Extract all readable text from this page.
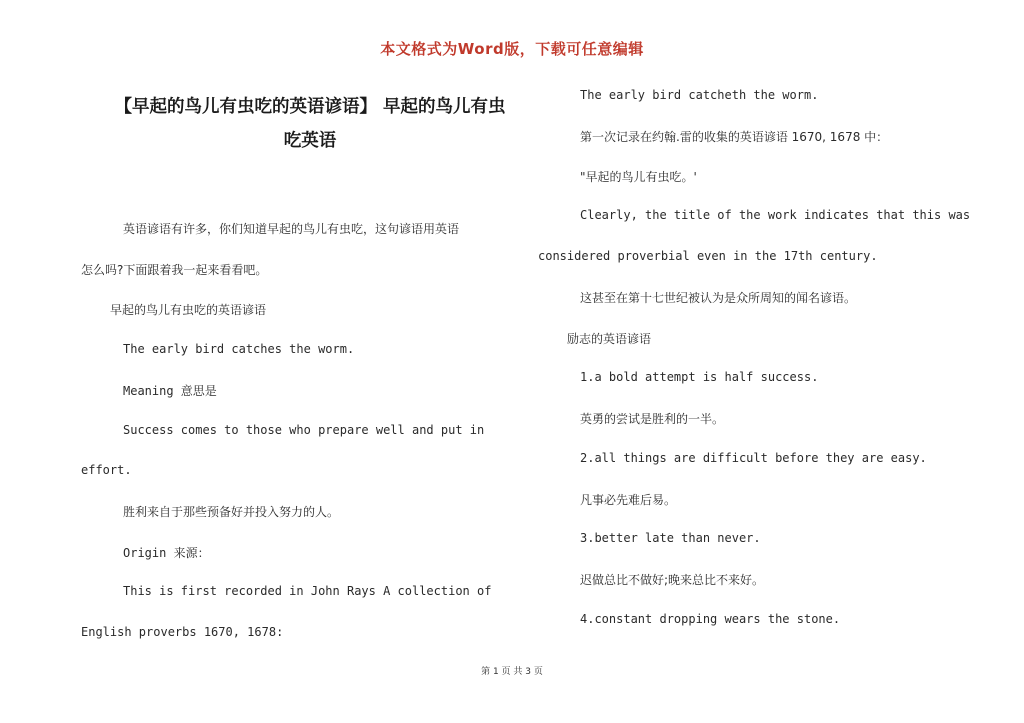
本文格式为Word版，下载可任意编辑
【早起的鸟儿有虫吃的英语谚语】 早起的鸟儿有虫
吃英语
英语谚语有许多，你们知道早起的鸟儿有虫吃，这句谚语用英语
怎么吗?下面跟着我一起来看看吧。
早起的鸟儿有虫吃的英语谚语
The early bird catches the worm.
Meaning 意思是
Success comes to those who prepare well and put in
effort.
胜利来自于那些预备好并投入努力的人。
Origin 来源：
This is first recorded in John Rays A collection of
English proverbs 1670, 1678:
The early bird catcheth the worm.
第一次记录在约翰.雷的收集的英语谚语 1670, 1678 中：
"早起的鸟儿有虫吃。'
Clearly, the title of the work indicates that this was
considered proverbial even in the 17th century.
这甚至在第十七世纪被认为是众所周知的闻名谚语。
励志的英语谚语
1.a bold attempt is half success.
英勇的尝试是胜利的一半。
2.all things are difficult before they are easy.
凡事必先难后易。
3.better late than never.
迟做总比不做好;晚来总比不来好。
4.constant dropping wears the stone.
第 1 页 共 3 页
